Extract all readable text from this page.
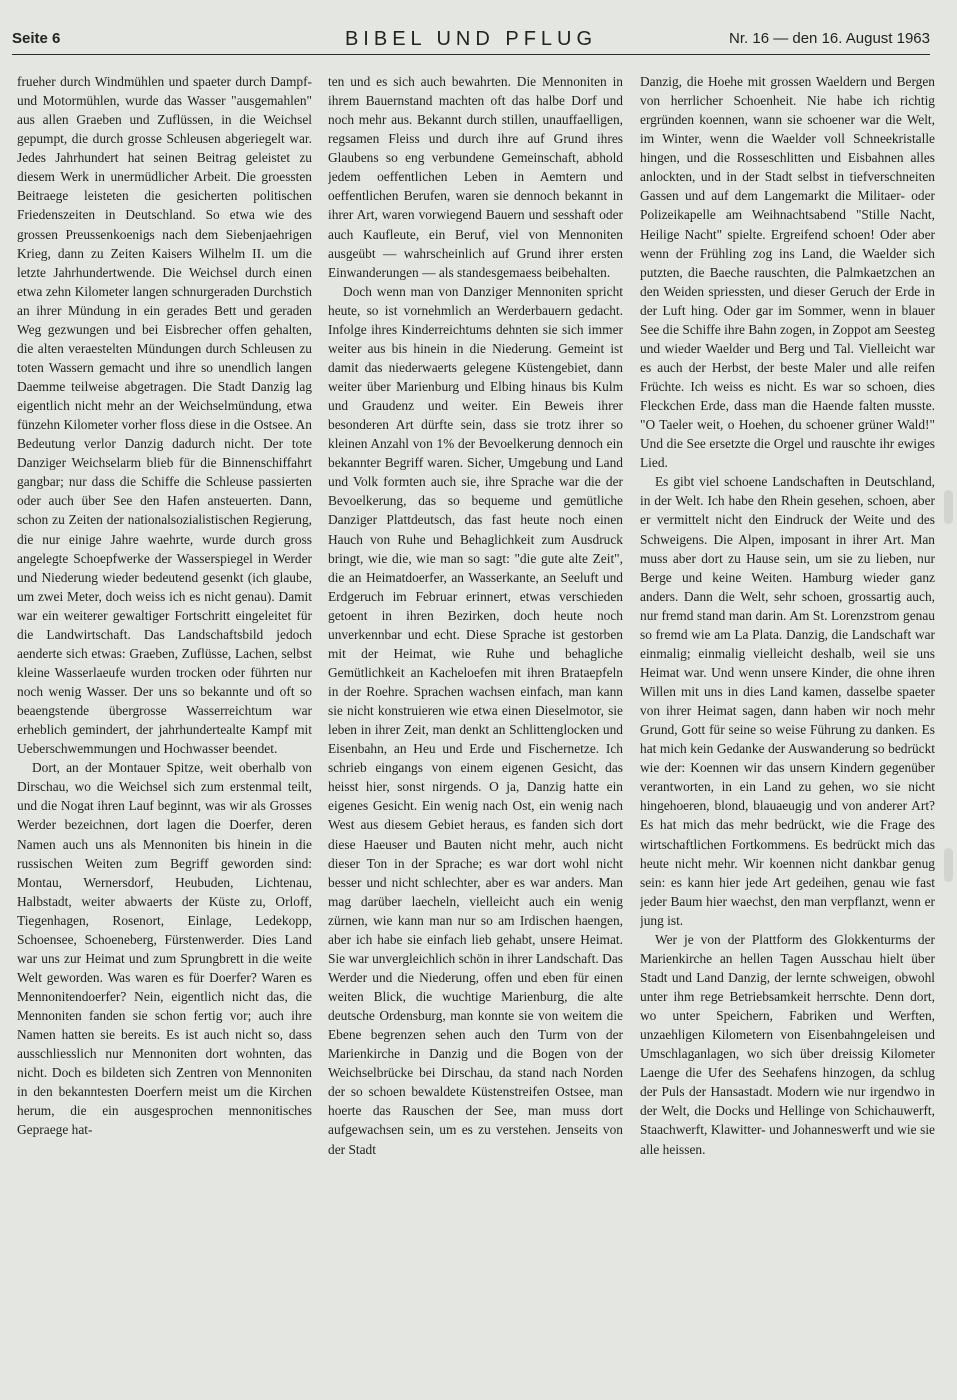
Seite 6	BIBEL UND PFLUG	Nr. 16 — den 16. August 1963

frueher durch Windmühlen und spaeter durch Dampf- und Motormühlen, wurde das Wasser "ausgemahlen" aus allen Graeben und Zuflüssen, in die Weichsel gepumpt, die durch grosse Schleusen abgeriegelt war. Jedes Jahrhundert hat seinen Beitrag geleistet zu diesem Werk in unermüdlicher Arbeit. Die groessten Beitraege leisteten die gesicherten politischen Friedenszeiten in Deutschland. So etwa wie des grossen Preussenkoenigs nach dem Siebenjaehrigen Krieg, dann zu Zeiten Kaisers Wilhelm II. um die letzte Jahrhundertwende. Die Weichsel durch einen etwa zehn Kilometer langen schnurgeraden Durchstich an ihrer Mündung in ein gerades Bett und geraden Weg gezwungen und bei Eisbrecher offen gehalten, die alten veraestelten Mündungen durch Schleusen zu toten Wassern gemacht und ihre so unendlich langen Daemme teilweise abgetragen. Die Stadt Danzig lag eigentlich nicht mehr an der Weichselmündung, etwa fünzehn Kilometer vorher floss diese in die Ostsee. An Bedeutung verlor Danzig dadurch nicht. Der tote Danziger Weichselarm blieb für die Binnenschiffahrt gangbar; nur dass die Schiffe die Schleuse passierten oder auch über See den Hafen ansteuerten. Dann, schon zu Zeiten der nationalsozialistischen Regierung, die nur einige Jahre waehrte, wurde durch gross angelegte Schoepfwerke der Wasserspiegel in Werder und Niederung wieder bedeutend gesenkt (ich glaube, um zwei Meter, doch weiss ich es nicht genau). Damit war ein weiterer gewaltiger Fortschritt eingeleitet für die Landwirtschaft. Das Landschaftsbild jedoch aenderte sich etwas: Graeben, Zuflüsse, Lachen, selbst kleine Wasserlaeufe wurden trocken oder führten nur noch wenig Wasser. Der uns so bekannte und oft so beaengstende übergrosse Wasserreichtum war erheblich gemindert, der jahrhundertealte Kampf mit Ueberschwemmungen und Hochwasser beendet.

Dort, an der Montauer Spitze, weit oberhalb von Dirschau, wo die Weichsel sich zum erstenmal teilt, und die Nogat ihren Lauf beginnt, was wir als Grosses Werder bezeichnen, dort lagen die Doerfer, deren Namen auch uns als Mennoniten bis hinein in die russischen Weiten zum Begriff geworden sind: Montau, Wernersdorf, Heubuden, Lichtenau, Halbstadt, weiter abwaerts der Küste zu, Orloff, Tiegenhagen, Rosenort, Einlage, Ledekopp, Schoensee, Schoeneberg, Fürstenwerder. Dies Land war uns zur Heimat und zum Sprungbrett in die weite Welt geworden. Was waren es für Doerfer? Waren es Mennonitendoerfer? Nein, eigentlich nicht das, die Mennoniten fanden sie schon fertig vor; auch ihre Namen hatten sie bereits. Es ist auch nicht so, dass ausschliesslich nur Mennoniten dort wohnten, das nicht. Doch es bildeten sich Zentren von Mennoniten in den bekanntesten Doerfern meist um die Kirchen herum, die ein ausgesprochen mennonitisches Gepraege hat-

ten und es sich auch bewahrten. Die Mennoniten in ihrem Bauernstand machten oft das halbe Dorf und noch mehr aus. Bekannt durch stillen, unauffaelligen, regsamen Fleiss und durch ihre auf Grund ihres Glaubens so eng verbundene Gemeinschaft, abhold jedem oeffentlichen Leben in Aemtern und oeffentlichen Berufen, waren sie dennoch bekannt in ihrer Art, waren vorwiegend Bauern und sesshaft oder auch Kaufleute, ein Beruf, viel von Mennoniten ausgeübt — wahrscheinlich auf Grund ihrer ersten Einwanderungen — als standesgemaess beibehalten.

Doch wenn man von Danziger Mennoniten spricht heute, so ist vornehmlich an Werderbauern gedacht. Infolge ihres Kinderreichtums dehnten sie sich immer weiter aus bis hinein in die Niederung. Gemeint ist damit das niederwaerts gelegene Küstengebiet, dann weiter über Marienburg und Elbing hinaus bis Kulm und Graudenz und weiter. Ein Beweis ihrer besonderen Art dürfte sein, dass sie trotz ihrer so kleinen Anzahl von 1% der Bevoelkerung dennoch ein bekannter Begriff waren. Sicher, Umgebung und Land und Volk formten auch sie, ihre Sprache war die der Bevoelkerung, das so bequeme und gemütliche Danziger Plattdeutsch, das fast heute noch einen Hauch von Ruhe und Behaglichkeit zum Ausdruck bringt, wie die, wie man so sagt: "die gute alte Zeit", die an Heimatdoerfer, an Wasserkante, an Seeluft und Erdgeruch im Februar erinnert, etwas verschieden getoent in ihren Bezirken, doch heute noch unverkennbar und echt. Diese Sprache ist gestorben mit der Heimat, wie Ruhe und behagliche Gemütlichkeit an Kacheloefen mit ihren Brataepfeln in der Roehre. Sprachen wachsen einfach, man kann sie nicht konstruieren wie etwa einen Dieselmotor, sie leben in ihrer Zeit, man denkt an Schlittenglocken und Eisenbahn, an Heu und Erde und Fischernetze. Ich schrieb eingangs von einem eigenen Gesicht, das heisst hier, sonst nirgends. O ja, Danzig hatte ein eigenes Gesicht. Ein wenig nach Ost, ein wenig nach West aus diesem Gebiet heraus, es fanden sich dort diese Haeuser und Bauten nicht mehr, auch nicht dieser Ton in der Sprache; es war dort wohl nicht besser und nicht schlechter, aber es war anders. Man mag darüber laecheln, vielleicht auch ein wenig zürnen, wie kann man nur so am Irdischen haengen, aber ich habe sie einfach lieb gehabt, unsere Heimat. Sie war unvergleichlich schön in ihrer Landschaft. Das Werder und die Niederung, offen und eben für einen weiten Blick, die wuchtige Marienburg, die alte deutsche Ordensburg, man konnte sie von weitem die Ebene begrenzen sehen auch den Turm von der Marienkirche in Danzig und die Bogen von der Weichselbrücke bei Dirschau, da stand nach Norden der so schoen bewaldete Küstenstreifen Ostsee, man hoerte das Rauschen der See, man muss dort aufgewachsen sein, um es zu verstehen. Jenseits von der Stadt

Danzig, die Hoehe mit grossen Waeldern und Bergen von herrlicher Schoenheit. Nie habe ich richtig ergründen koennen, wann sie schoener war die Welt, im Winter, wenn die Waelder voll Schneekristalle hingen, und die Rosseschlitten und Eisbahnen alles anlockten, und in der Stadt selbst in tiefverschneiten Gassen und auf dem Langemarkt die Militaer- oder Polizeikapelle am Weihnachtsabend "Stille Nacht, Heilige Nacht" spielte. Ergreifend schoen! Oder aber wenn der Frühling zog ins Land, die Waelder sich putzten, die Baeche rauschten, die Palmkaetzchen an den Weiden spriessten, und dieser Geruch der Erde in der Luft hing. Oder gar im Sommer, wenn in blauer See die Schiffe ihre Bahn zogen, in Zoppot am Seesteg und wieder Waelder und Berg und Tal. Vielleicht war es auch der Herbst, der beste Maler und alle reifen Früchte. Ich weiss es nicht. Es war so schoen, dies Fleckchen Erde, dass man die Haende falten musste. "O Taeler weit, o Hoehen, du schoener grüner Wald!" Und die See ersetzte die Orgel und rauschte ihr ewiges Lied.

Es gibt viel schoene Landschaften in Deutschland, in der Welt. Ich habe den Rhein gesehen, schoen, aber er vermittelt nicht den Eindruck der Weite und des Schweigens. Die Alpen, imposant in ihrer Art. Man muss aber dort zu Hause sein, um sie zu lieben, nur Berge und keine Weiten. Hamburg wieder ganz anders. Dann die Welt, sehr schoen, grossartig auch, nur fremd stand man darin. Am St. Lorenzstrom genau so fremd wie am La Plata. Danzig, die Landschaft war einmalig; einmalig vielleicht deshalb, weil sie uns Heimat war. Und wenn unsere Kinder, die ohne ihren Willen mit uns in dies Land kamen, dasselbe spaeter von ihrer Heimat sagen, dann haben wir noch mehr Grund, Gott für seine so weise Führung zu danken. Es hat mich kein Gedanke der Auswanderung so bedrückt wie der: Koennen wir das unsern Kindern gegenüber verantworten, in ein Land zu gehen, wo sie nicht hingehoeren, blond, blauaeugig und von anderer Art? Es hat mich das mehr bedrückt, wie die Frage des wirtschaftlichen Fortkommens. Es bedrückt mich das heute nicht mehr. Wir koennen nicht dankbar genug sein: es kann hier jede Art gedeihen, genau wie fast jeder Baum hier waechst, den man verpflanzt, wenn er jung ist.

Wer je von der Plattform des Glokkenturms der Marienkirche an hellen Tagen Ausschau hielt über Stadt und Land Danzig, der lernte schweigen, obwohl unter ihm rege Betriebsamkeit herrschte. Denn dort, wo unter Speichern, Fabriken und Werften, unzaehligen Kilometern von Eisenbahngeleisen und Umschlaganlagen, wo sich über dreissig Kilometer Laenge die Ufer des Seehafens hinzogen, da schlug der Puls der Hansastadt. Modern wie nur irgendwo in der Welt, die Docks und Hellinge von Schichauwerft, Staachwerft, Klawitter- und Johanneswerft und wie sie alle heissen.
